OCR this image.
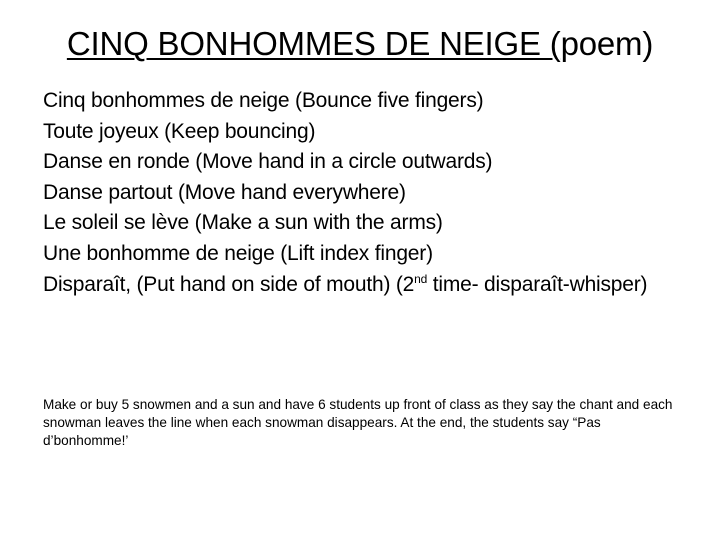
CINQ BONHOMMES DE NEIGE (poem)
Cinq bonhommes de neige (Bounce five fingers)
Toute joyeux (Keep bouncing)
Danse en ronde (Move hand in a circle outwards)
Danse partout (Move hand everywhere)
Le soleil se lève (Make a sun with the arms)
Une bonhomme de neige (Lift index finger)
Disparaît, (Put hand on side of mouth) (2nd time- disparaît-whisper)

Make or buy 5 snowmen and a sun and have 6 students up front of class as they say the chant and each snowman leaves the line when each snowman disappears. At the end, the students say “Pas d’bonhomme!’
